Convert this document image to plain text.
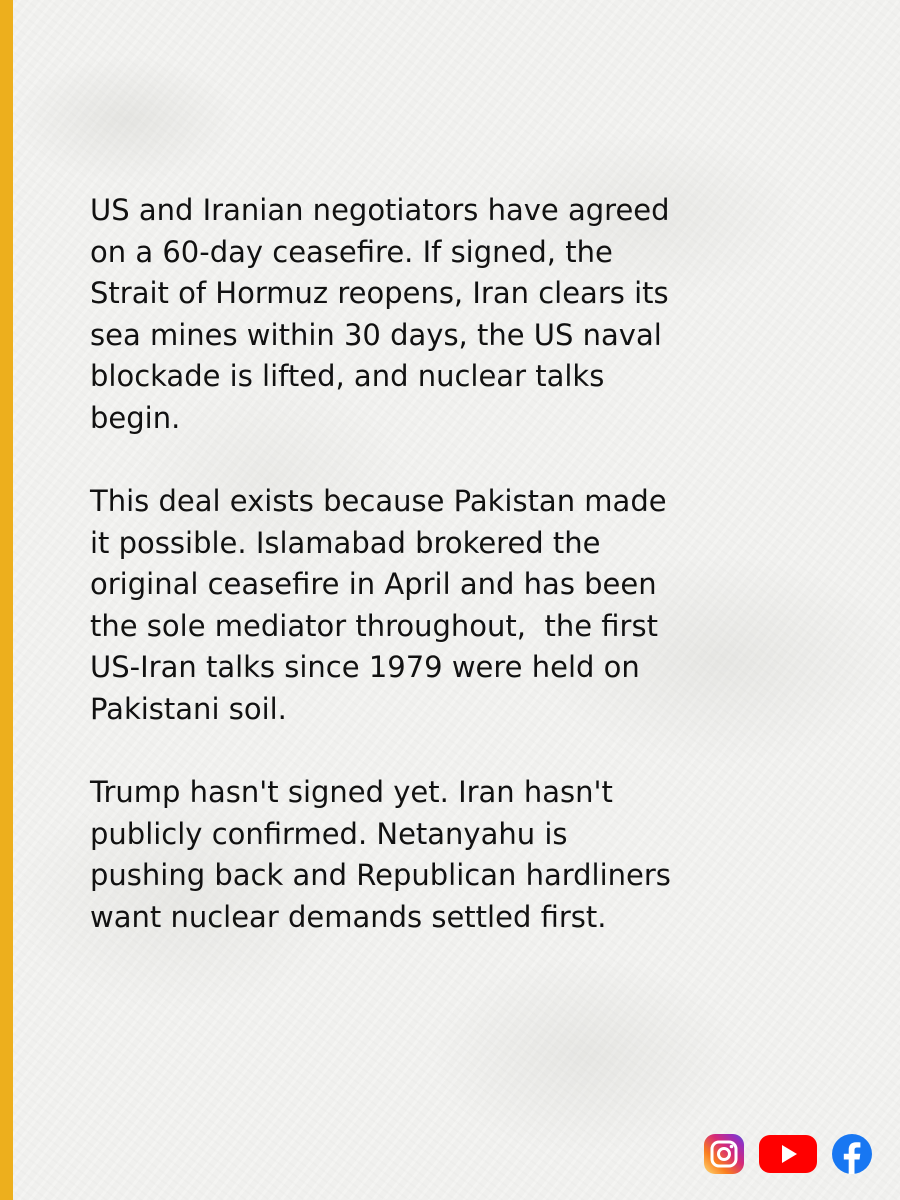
US and Iranian negotiators have agreed
on a 60-day ceasefire. If signed, the
Strait of Hormuz reopens, Iran clears its
sea mines within 30 days, the US naval
blockade is lifted, and nuclear talks
begin.

This deal exists because Pakistan made
it possible. Islamabad brokered the
original ceasefire in April and has been
the sole mediator throughout,  the first
US-Iran talks since 1979 were held on
Pakistani soil.

Trump hasn't signed yet. Iran hasn't
publicly confirmed. Netanyahu is
pushing back and Republican hardliners
want nuclear demands settled first.
